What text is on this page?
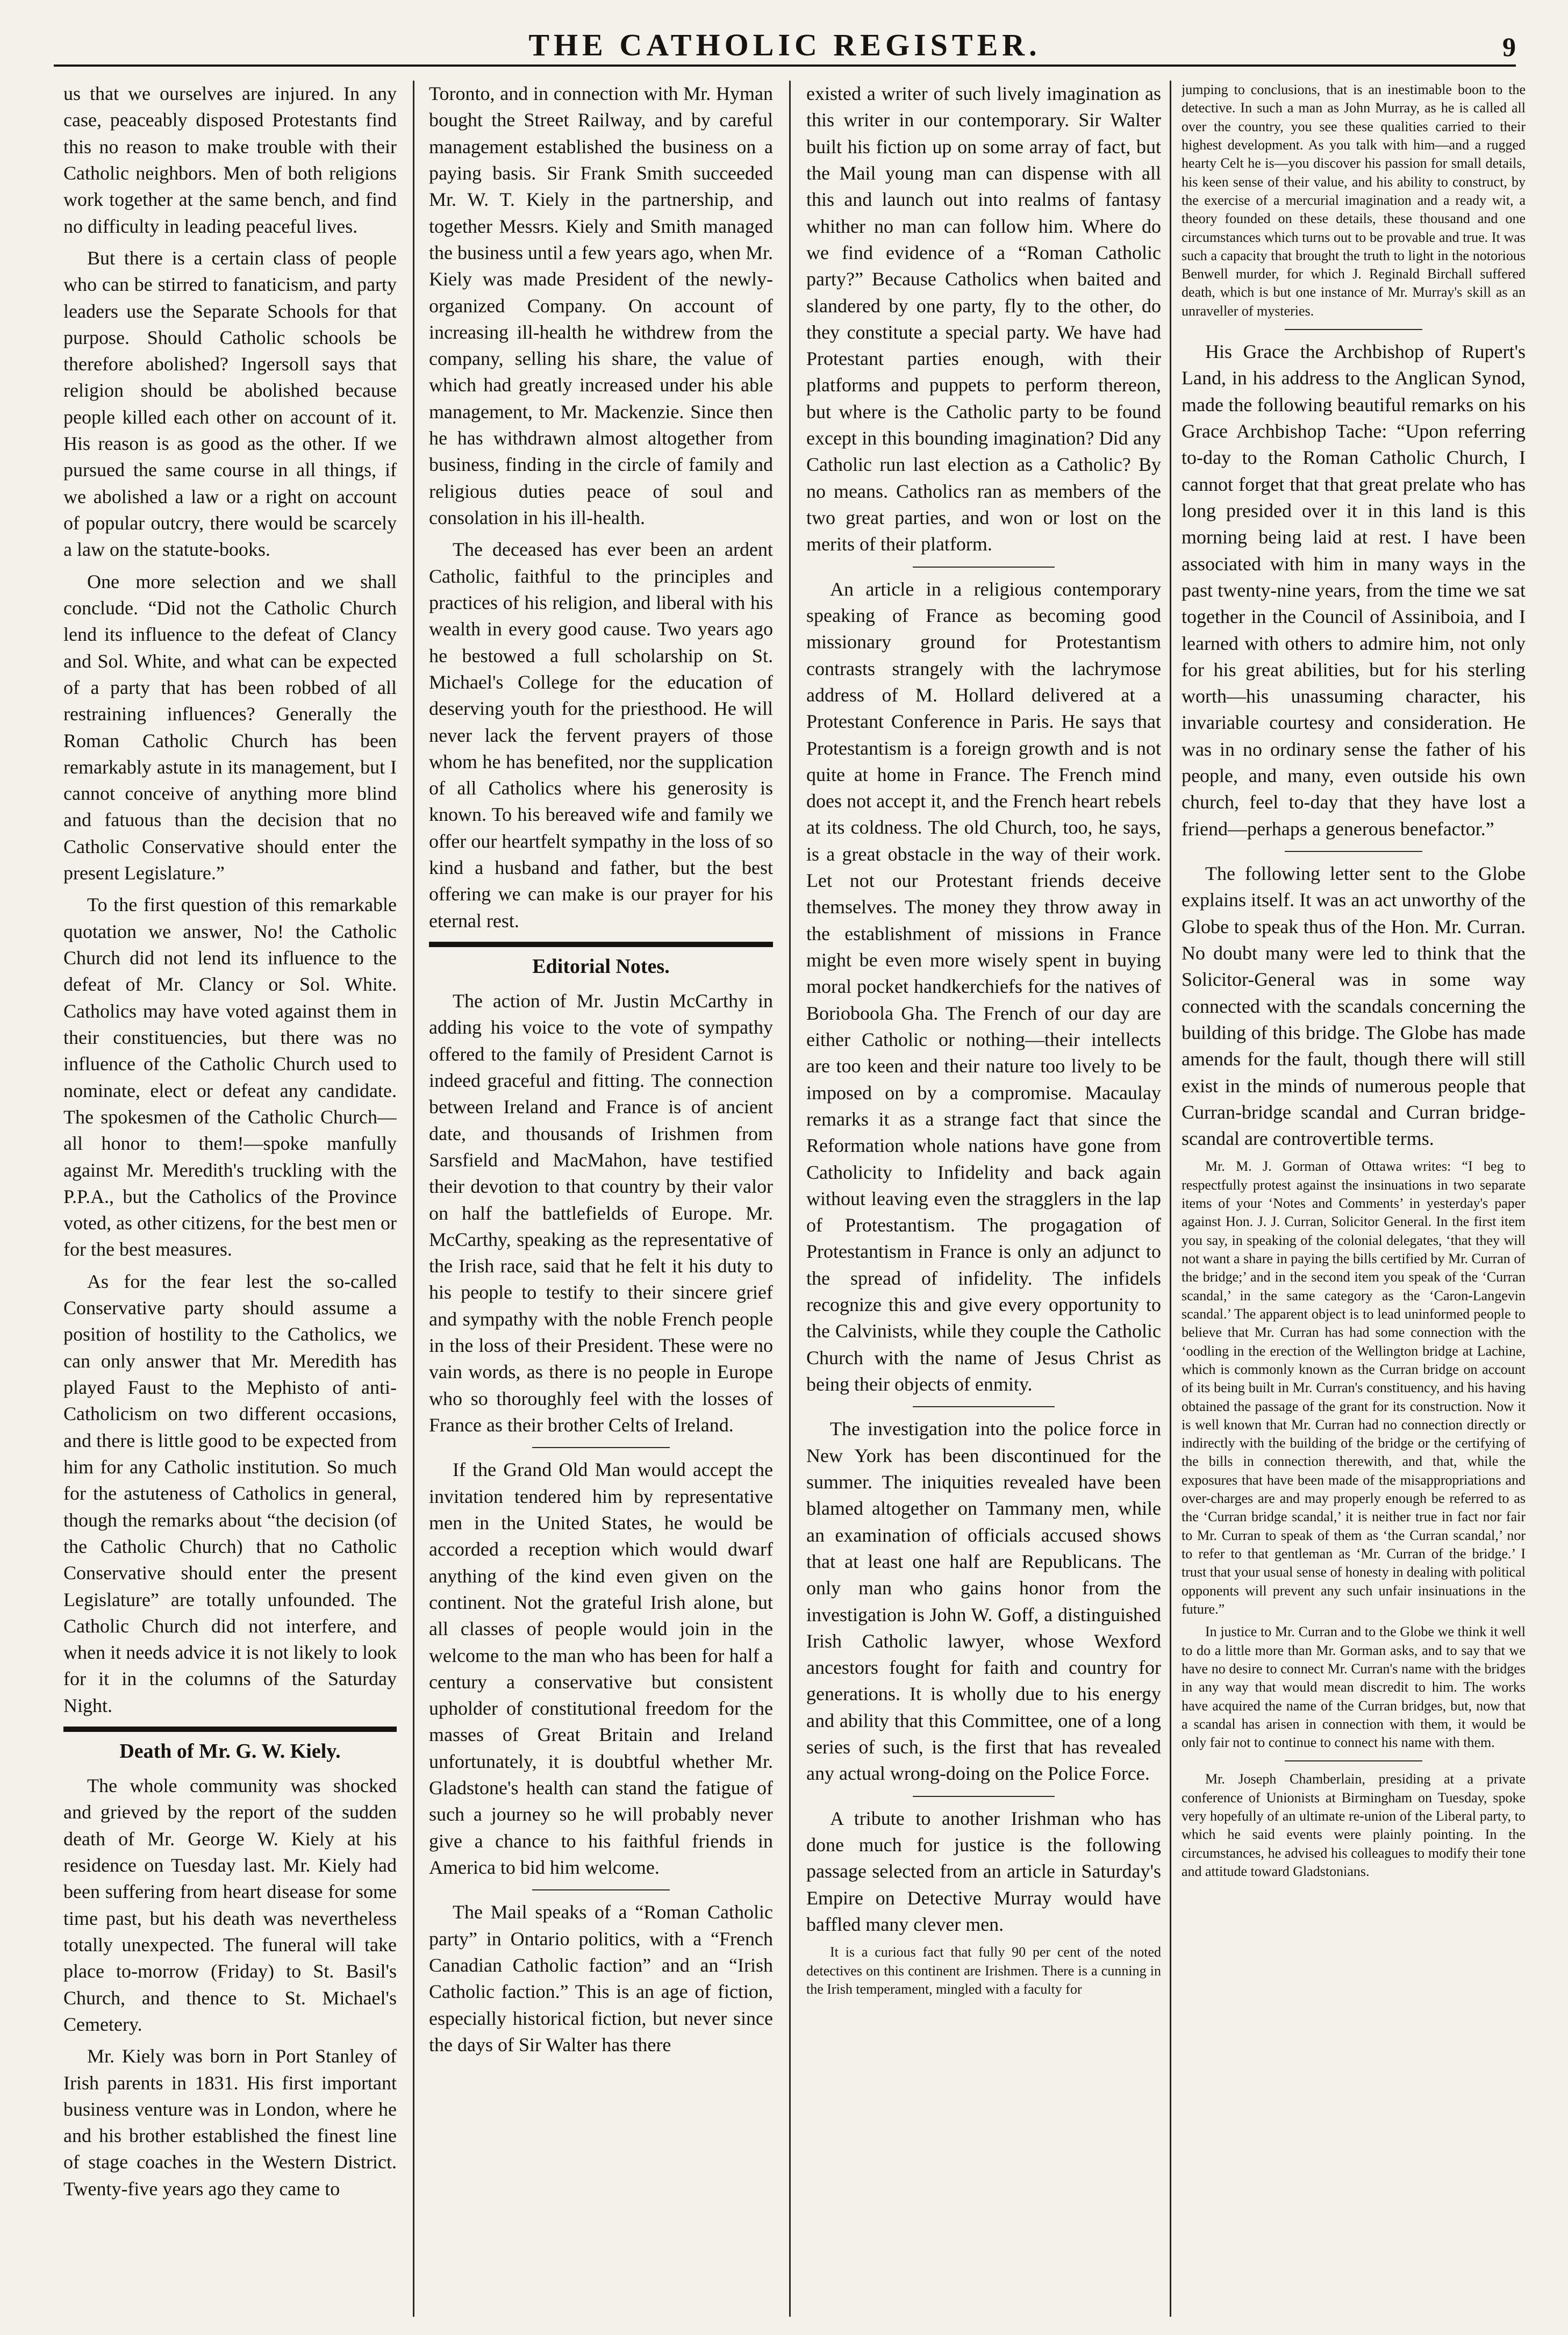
THE CATHOLIC REGISTER.	9

us that we ourselves are injured. In any case, peaceably disposed Protestants find this no reason to make trouble with their Catholic neighbors. Men of both religions work together at the same bench, and find no difficulty in leading peaceful lives.

But there is a certain class of people who can be stirred to fanaticism, and party leaders use the Separate Schools for that purpose. Should Catholic schools be therefore abolished? Ingersoll says that religion should be abolished because people killed each other on account of it. His reason is as good as the other. If we pursued the same course in all things, if we abolished a law or a right on account of popular outcry, there would be scarcely a law on the statute-books.

One more selection and we shall conclude. “Did not the Catholic Church lend its influence to the defeat of Clancy and Sol. White, and what can be expected of a party that has been robbed of all restraining influences? Generally the Roman Catholic Church has been remarkably astute in its management, but I cannot conceive of anything more blind and fatuous than the decision that no Catholic Conservative should enter the present Legislature.”

To the first question of this remarkable quotation we answer, No! the Catholic Church did not lend its influence to the defeat of Mr. Clancy or Sol. White. Catholics may have voted against them in their constituencies, but there was no influence of the Catholic Church used to nominate, elect or defeat any candidate. The spokesmen of the Catholic Church—all honor to them!—spoke manfully against Mr. Meredith's truckling with the P.P.A., but the Catholics of the Province voted, as other citizens, for the best men or for the best measures.

As for the fear lest the so-called Conservative party should assume a position of hostility to the Catholics, we can only answer that Mr. Meredith has played Faust to the Mephisto of anti-Catholicism on two different occasions, and there is little good to be expected from him for any Catholic institution. So much for the astuteness of Catholics in general, though the remarks about “the decision (of the Catholic Church) that no Catholic Conservative should enter the present Legislature” are totally unfounded. The Catholic Church did not interfere, and when it needs advice it is not likely to look for it in the columns of the Saturday Night.

Death of Mr. G. W. Kiely.

The whole community was shocked and grieved by the report of the sudden death of Mr. George W. Kiely at his residence on Tuesday last. Mr. Kiely had been suffering from heart disease for some time past, but his death was nevertheless totally unexpected. The funeral will take place to-morrow (Friday) to St. Basil's Church, and thence to St. Michael's Cemetery.

Mr. Kiely was born in Port Stanley of Irish parents in 1831. His first important business venture was in London, where he and his brother established the finest line of stage coaches in the Western District. Twenty-five years ago they came to

Toronto, and in connection with Mr. Hyman bought the Street Railway, and by careful management established the business on a paying basis. Sir Frank Smith succeeded Mr. W. T. Kiely in the partnership, and together Messrs. Kiely and Smith managed the business until a few years ago, when Mr. Kiely was made President of the newly-organized Company. On account of increasing ill-health he withdrew from the company, selling his share, the value of which had greatly increased under his able management, to Mr. Mackenzie. Since then he has withdrawn almost altogether from business, finding in the circle of family and religious duties peace of soul and consolation in his ill-health.

The deceased has ever been an ardent Catholic, faithful to the principles and practices of his religion, and liberal with his wealth in every good cause. Two years ago he bestowed a full scholarship on St. Michael's College for the education of deserving youth for the priesthood. He will never lack the fervent prayers of those whom he has benefited, nor the supplication of all Catholics where his generosity is known. To his bereaved wife and family we offer our heartfelt sympathy in the loss of so kind a husband and father, but the best offering we can make is our prayer for his eternal rest.

Editorial Notes.

The action of Mr. Justin McCarthy in adding his voice to the vote of sympathy offered to the family of President Carnot is indeed graceful and fitting. The connection between Ireland and France is of ancient date, and thousands of Irishmen from Sarsfield and MacMahon, have testified their devotion to that country by their valor on half the battlefields of Europe. Mr. McCarthy, speaking as the representative of the Irish race, said that he felt it his duty to his people to testify to their sincere grief and sympathy with the noble French people in the loss of their President. These were no vain words, as there is no people in Europe who so thoroughly feel with the losses of France as their brother Celts of Ireland.

If the Grand Old Man would accept the invitation tendered him by representative men in the United States, he would be accorded a reception which would dwarf anything of the kind even given on the continent. Not the grateful Irish alone, but all classes of people would join in the welcome to the man who has been for half a century a conservative but consistent upholder of constitutional freedom for the masses of Great Britain and Ireland unfortunately, it is doubtful whether Mr. Gladstone's health can stand the fatigue of such a journey so he will probably never give a chance to his faithful friends in America to bid him welcome.

The Mail speaks of a “Roman Catholic party” in Ontario politics, with a “French Canadian Catholic faction” and an “Irish Catholic faction.” This is an age of fiction, especially historical fiction, but never since the days of Sir Walter has there

existed a writer of such lively imagination as this writer in our contemporary. Sir Walter built his fiction up on some array of fact, but the Mail young man can dispense with all this and launch out into realms of fantasy whither no man can follow him. Where do we find evidence of a “Roman Catholic party?” Because Catholics when baited and slandered by one party, fly to the other, do they constitute a special party. We have had Protestant parties enough, with their platforms and puppets to perform thereon, but where is the Catholic party to be found except in this bounding imagination? Did any Catholic run last election as a Catholic? By no means. Catholics ran as members of the two great parties, and won or lost on the merits of their platform.

An article in a religious contemporary speaking of France as becoming good missionary ground for Protestantism contrasts strangely with the lachrymose address of M. Hollard delivered at a Protestant Conference in Paris. He says that Protestantism is a foreign growth and is not quite at home in France. The French mind does not accept it, and the French heart rebels at its coldness. The old Church, too, he says, is a great obstacle in the way of their work. Let not our Protestant friends deceive themselves. The money they throw away in the establishment of missions in France might be even more wisely spent in buying moral pocket handkerchiefs for the natives of Borioboola Gha. The French of our day are either Catholic or nothing—their intellects are too keen and their nature too lively to be imposed on by a compromise. Macaulay remarks it as a strange fact that since the Reformation whole nations have gone from Catholicity to Infidelity and back again without leaving even the stragglers in the lap of Protestantism. The progagation of Protestantism in France is only an adjunct to the spread of infidelity. The infidels recognize this and give every opportunity to the Calvinists, while they couple the Catholic Church with the name of Jesus Christ as being their objects of enmity.

The investigation into the police force in New York has been discontinued for the summer. The iniquities revealed have been blamed altogether on Tammany men, while an examination of officials accused shows that at least one half are Republicans. The only man who gains honor from the investigation is John W. Goff, a distinguished Irish Catholic lawyer, whose Wexford ancestors fought for faith and country for generations. It is wholly due to his energy and ability that this Committee, one of a long series of such, is the first that has revealed any actual wrong-doing on the Police Force.

A tribute to another Irishman who has done much for justice is the following passage selected from an article in Saturday's Empire on Detective Murray would have baffled many clever men.

It is a curious fact that fully 90 per cent of the noted detectives on this continent are Irishmen. There is a cunning in the Irish temperament, mingled with a faculty for

jumping to conclusions, that is an inestimable boon to the detective. In such a man as John Murray, as he is called all over the country, you see these qualities carried to their highest development. As you talk with him—and a rugged hearty Celt he is—you discover his passion for small details, his keen sense of their value, and his ability to construct, by the exercise of a mercurial imagination and a ready wit, a theory founded on these details, these thousand and one circumstances which turns out to be provable and true. It was such a capacity that brought the truth to light in the notorious Benwell murder, for which J. Reginald Birchall suffered death, which is but one instance of Mr. Murray's skill as an unraveller of mysteries.

His Grace the Archbishop of Rupert's Land, in his address to the Anglican Synod, made the following beautiful remarks on his Grace Archbishop Tache: “Upon referring to-day to the Roman Catholic Church, I cannot forget that that great prelate who has long presided over it in this land is this morning being laid at rest. I have been associated with him in many ways in the past twenty-nine years, from the time we sat together in the Council of Assiniboia, and I learned with others to admire him, not only for his great abilities, but for his sterling worth—his unassuming character, his invariable courtesy and consideration. He was in no ordinary sense the father of his people, and many, even outside his own church, feel to-day that they have lost a friend—perhaps a generous benefactor.”

The following letter sent to the Globe explains itself. It was an act unworthy of the Globe to speak thus of the Hon. Mr. Curran. No doubt many were led to think that the Solicitor-General was in some way connected with the scandals concerning the building of this bridge. The Globe has made amends for the fault, though there will still exist in the minds of numerous people that Curran-bridge scandal and Curran bridge-scandal are controvertible terms.

Mr. M. J. Gorman of Ottawa writes: “I beg to respectfully protest against the insinuations in two separate items of your ‘Notes and Comments’ in yesterday's paper against Hon. J. J. Curran, Solicitor General. In the first item you say, in speaking of the colonial delegates, ‘that they will not want a share in paying the bills certified by Mr. Curran of the bridge;’ and in the second item you speak of the ‘Curran scandal,’ in the same category as the ‘Caron-Langevin scandal.’ The apparent object is to lead uninformed people to believe that Mr. Curran has had some connection with the ‘oodling in the erection of the Wellington bridge at Lachine, which is commonly known as the Curran bridge on account of its being built in Mr. Curran's constituency, and his having obtained the passage of the grant for its construction. Now it is well known that Mr. Curran had no connection directly or indirectly with the building of the bridge or the certifying of the bills in connection therewith, and that, while the exposures that have been made of the misappropriations and over-charges are and may properly enough be referred to as the ‘Curran bridge scandal,’ it is neither true in fact nor fair to Mr. Curran to speak of them as ‘the Curran scandal,’ nor to refer to that gentleman as ‘Mr. Curran of the bridge.’ I trust that your usual sense of honesty in dealing with political opponents will prevent any such unfair insinuations in the future.”

In justice to Mr. Curran and to the Globe we think it well to do a little more than Mr. Gorman asks, and to say that we have no desire to connect Mr. Curran's name with the bridges in any way that would mean discredit to him. The works have acquired the name of the Curran bridges, but, now that a scandal has arisen in connection with them, it would be only fair not to continue to connect his name with them.

Mr. Joseph Chamberlain, presiding at a private conference of Unionists at Birmingham on Tuesday, spoke very hopefully of an ultimate re-union of the Liberal party, to which he said events were plainly pointing. In the circumstances, he advised his colleagues to modify their tone and attitude toward Gladstonians.
